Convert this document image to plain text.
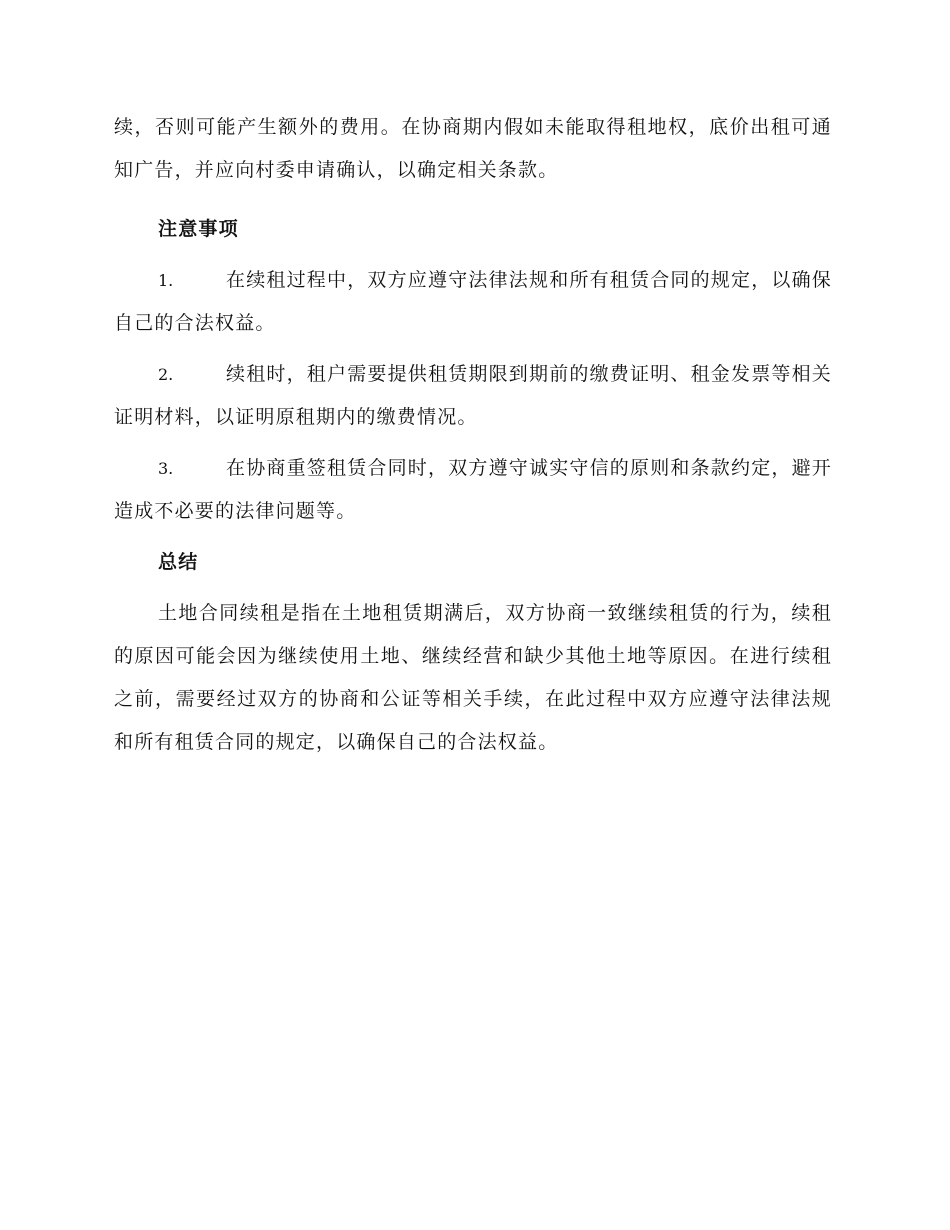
续，否则可能产生额外的费用。在协商期内假如未能取得租地权，底价出租可通知广告，并应向村委申请确认，以确定相关条款。

注意事项

1.	在续租过程中，双方应遵守法律法规和所有租赁合同的规定，以确保自己的合法权益。

2.	续租时，租户需要提供租赁期限到期前的缴费证明、租金发票等相关证明材料，以证明原租期内的缴费情况。

3.	在协商重签租赁合同时，双方遵守诚实守信的原则和条款约定，避开造成不必要的法律问题等。

总结

土地合同续租是指在土地租赁期满后，双方协商一致继续租赁的行为，续租的原因可能会因为继续使用土地、继续经营和缺少其他土地等原因。在进行续租之前，需要经过双方的协商和公证等相关手续，在此过程中双方应遵守法律法规和所有租赁合同的规定，以确保自己的合法权益。
